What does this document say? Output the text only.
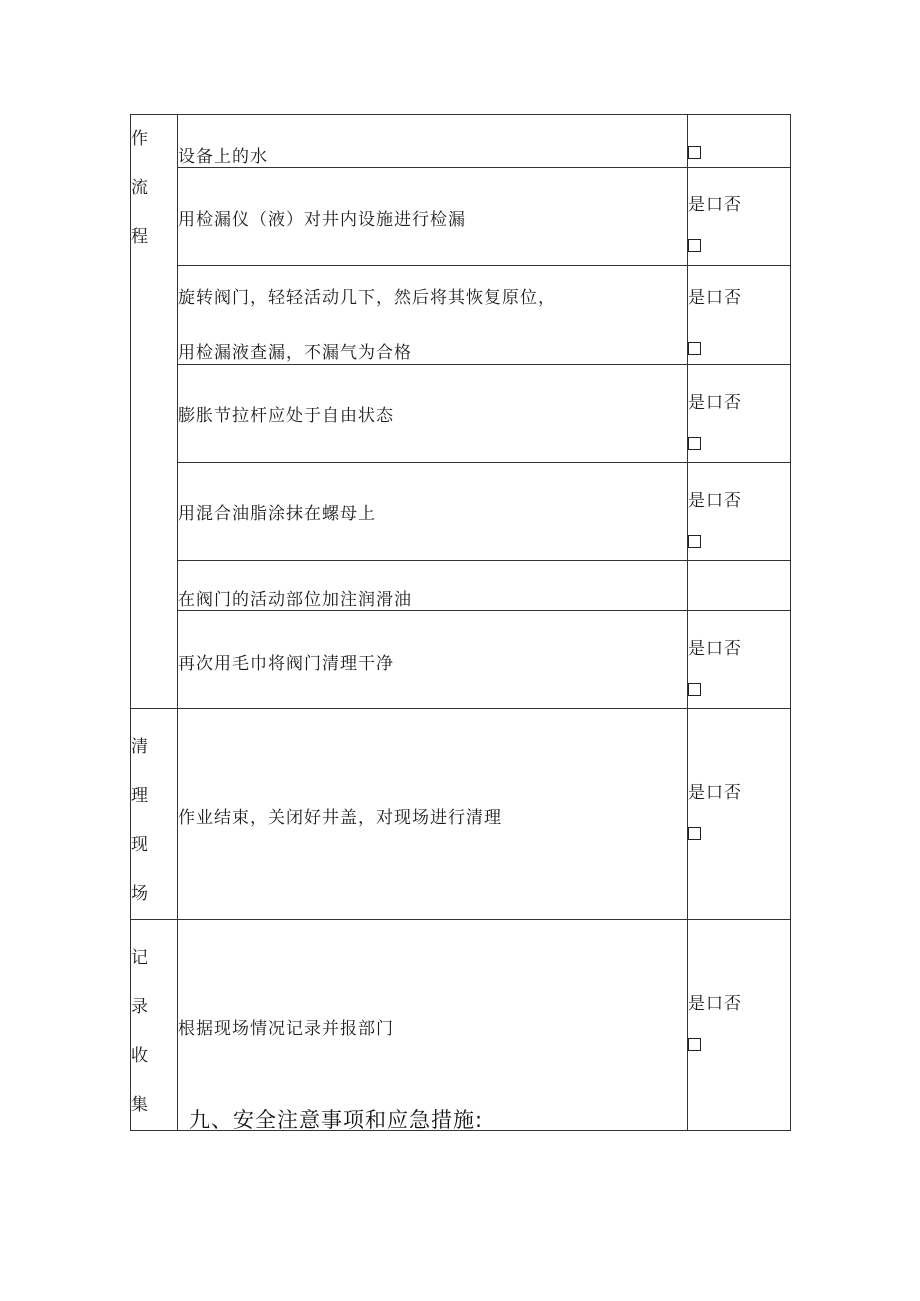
作
流
程	设备上的水	

	用检漏仪（液）对井内设施进行检漏	是口否

	旋转阀门，轻轻活动几下，然后将其恢复原位，
用检漏液查漏，不漏气为合格	是口否

	膨胀节拉杆应处于自由状态	是口否

	用混合油脂涂抹在螺母上	是口否

	在阀门的活动部位加注润滑油	

	再次用毛巾将阀门清理干净	是口否

清
理
现
场	作业结束，关闭好井盖，对现场进行清理	是口否

记
录
收
集	根据现场情况记录并报部门	是口否
九、安全注意事项和应急措施:
